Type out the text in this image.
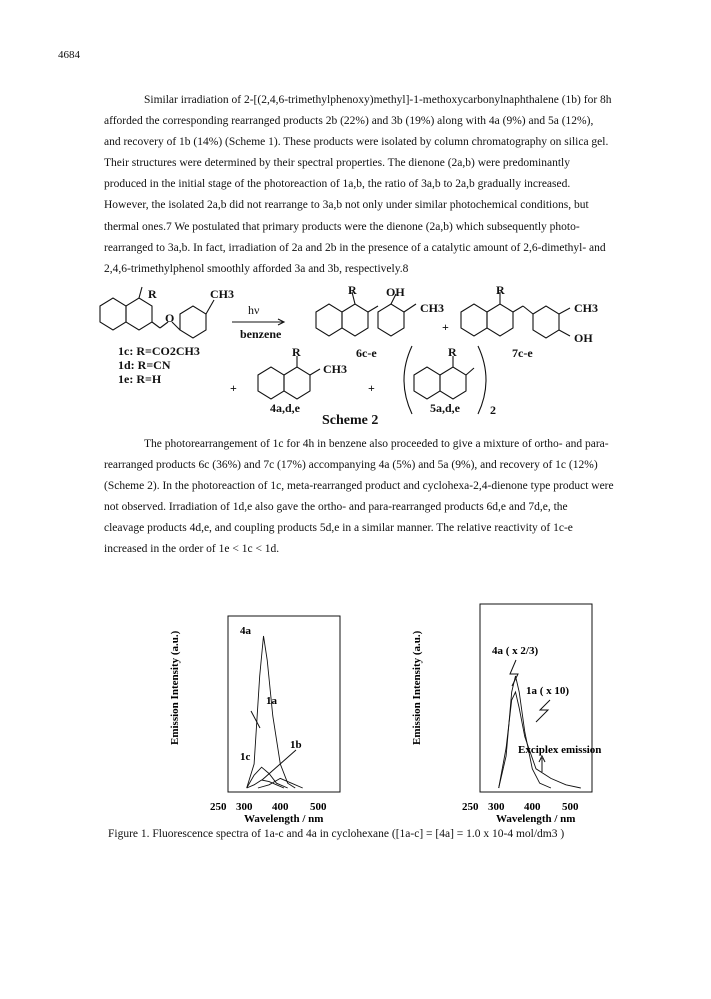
4684
Similar irradiation of 2-[(2,4,6-trimethylphenoxy)methyl]-1-methoxycarbonylnaphthalene (1b) for 8h
afforded the corresponding rearranged products 2b (22%) and 3b (19%) along with 4a (9%) and 5a (12%),
and recovery of 1b (14%) (Scheme 1). These products were isolated by column chromatography on silica gel.
Their structures were determined by their spectral properties. The dienone (2a,b) were predominantly
produced in the initial stage of the photoreaction of 1a,b, the ratio of 3a,b to 2a,b gradually increased.
However, the isolated 2a,b did not rearrange to 3a,b not only under similar photochemical conditions, but
thermal ones.7 We postulated that primary products were the dienone (2a,b) which subsequently photo-
rearranged to 3a,b. In fact, irradiation of 2a and 2b in the presence of a catalytic amount of 2,6-dimethyl- and
2,4,6-trimethylphenol smoothly afforded 3a and 3b, respectively.8
R	CH3
O
hν
benzene
R OH
CH3
+
R
CH3
OH
+
R
CH3
+
R
2
1c: R=CO2CH3
1d: R=CN
1e: R=H
6c-e	7c-e
4a,d,e	5a,d,e
Scheme 2
The photorearrangement of 1c for 4h in benzene also proceeded to give a mixture of ortho- and para-
rearranged products 6c (36%) and 7c (17%) accompanying 4a (5%) and 5a (9%), and recovery of 1c (12%)
(Scheme 2). In the photoreaction of 1c, meta-rearranged product and cyclohexa-2,4-dienone type product were
not observed. Irradiation of 1d,e also gave the ortho- and para-rearranged products 6d,e and 7d,e, the
cleavage products 4d,e, and coupling products 5d,e in a similar manner. The relative reactivity of 1c-e
increased in the order of 1e < 1c < 1d.
Emission Intensity (a.u.)	Emission Intensity (a.u.)
250 300 400 500
Wavelength / nm
250 300 400 500
Wavelength / nm
4a
1a
1b
1c
4a ( x 2/3)
1a ( x 10)
Exciplex emission
Figure 1. Fluorescence spectra of 1a-c and 4a in cyclohexane ([1a-c] = [4a] = 1.0 x 10-4 mol/dm3 )
